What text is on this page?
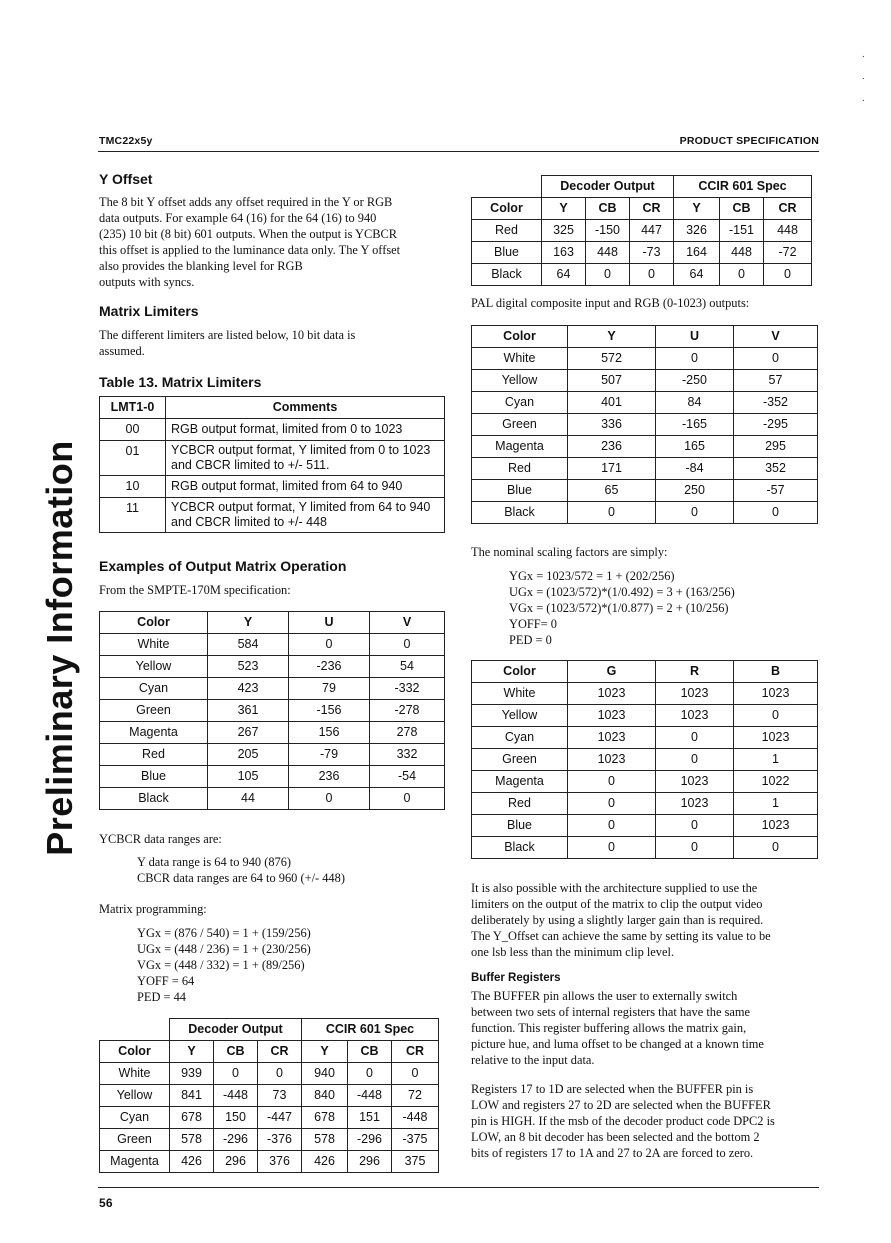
.
.
.
TMC22x5y	PRODUCT SPECIFICATION
Preliminary Information
Y Offset

The 8 bit Y offset adds any offset required in the Y or RGB

data outputs. For example 64 (16) for the 64 (16) to 940

(235) 10 bit (8 bit) 601 outputs. When the output is YCBCR

this offset is applied to the luminance data only. The Y offset

also provides the blanking level for RGB

outputs with syncs.

Matrix Limiters

The different limiters are listed below, 10 bit data is

assumed.

Table 13. Matrix Limiters
LMT1-0	Comments
00	RGB output format, limited from 0 to 1023
01	YCBCR output format, Y limited from 0 to 1023 and CBCR limited to +/- 511.
10	RGB output format, limited from 64 to 940
11	YCBCR output format, Y limited from 64 to 940 and CBCR limited to +/- 448
Examples of Output Matrix Operation

From the SMPTE-170M specification:

Color	Y	U	V
White	584	0	0
Yellow	523	-236	54
Cyan	423	79	-332
Green	361	-156	-278
Magenta	267	156	278
Red	205	-79	332
Blue	105	236	-54
Black	44	0	0

YCBCR data ranges are:

Y data range is 64 to 940 (876)

CBCR data ranges are 64 to 960 (+/- 448)

Matrix programming:

YGx = (876 / 540) = 1 + (159/256)

UGx = (448 / 236) = 1 + (230/256)

VGx = (448 / 332) = 1 + (89/256)

YOFF = 64

PED = 44

	Decoder Output			CCIR 601 Spec		
Color	Y	CB	CR	Y	CB	CR
White	939	0	0	940	0	0
Yellow	841	-448	73	840	-448	72
Cyan	678	150	-447	678	151	-448
Green	578	-296	-376	578	-296	-375
Magenta	426	296	376	426	296	375
	Decoder Output			CCIR 601 Spec		
Color	Y	CB	CR	Y	CB	CR
Red	325	-150	447	326	-151	448
Blue	163	448	-73	164	448	-72
Black	64	0	0	64	0	0

PAL digital composite input and RGB (0-1023) outputs:

Color	Y	U	V
White	572	0	0
Yellow	507	-250	57
Cyan	401	84	-352
Green	336	-165	-295
Magenta	236	165	295
Red	171	-84	352
Blue	65	250	-57
Black	0	0	0

The nominal scaling factors are simply:

YGx = 1023/572 = 1 + (202/256)

UGx = (1023/572)*(1/0.492) = 3 + (163/256)

VGx = (1023/572)*(1/0.877) = 2 + (10/256)

YOFF= 0

PED = 0

Color	G	R	B
White	1023	1023	1023
Yellow	1023	1023	0
Cyan	1023	0	1023
Green	1023	0	1
Magenta	0	1023	1022
Red	0	1023	1
Blue	0	0	1023
Black	0	0	0

It is also possible with the architecture supplied to use the

limiters on the output of the matrix to clip the output video

deliberately by using a slightly larger gain than is required.

The Y_Offset can achieve the same by setting its value to be

one lsb less than the minimum clip level.

Buffer Registers

The BUFFER pin allows the user to externally switch

between two sets of internal registers that have the same

function. This register buffering allows the matrix gain,

picture hue, and luma offset to be changed at a known time

relative to the input data.

Registers 17 to 1D are selected when the BUFFER pin is

LOW and registers 27 to 2D are selected when the BUFFER

pin is HIGH. If the msb of the decoder product code DPC2 is

LOW, an 8 bit decoder has been selected and the bottom 2

bits of registers 17 to 1A and 27 to 2A are forced to zero.

56
